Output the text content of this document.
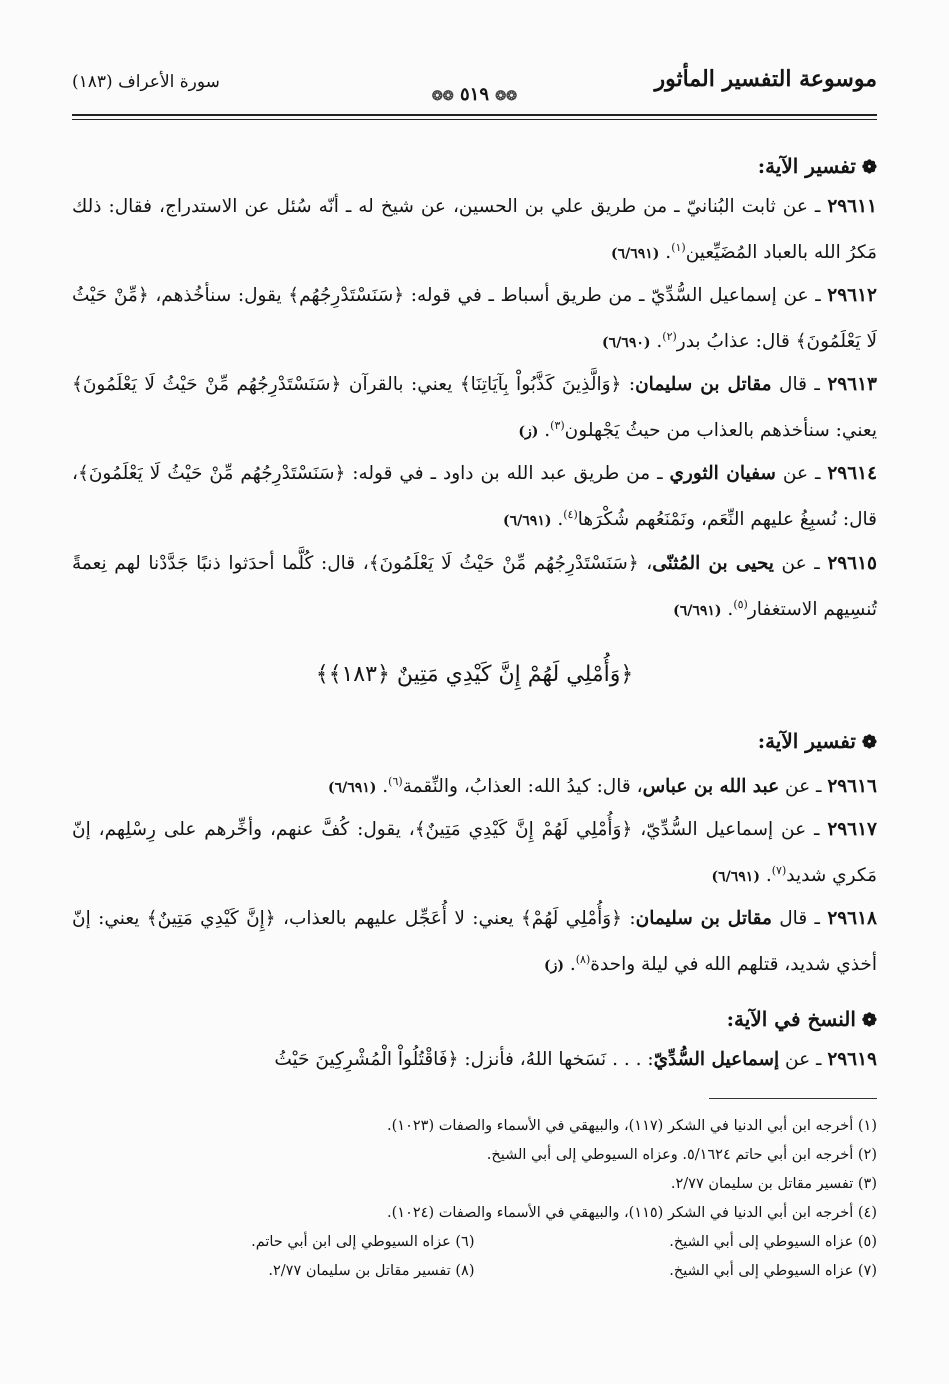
موسوعة التفسير المأثور
❂❂ ٥١٩ ❂❂
سورة الأعراف (١٨٣)
❁تفسير الآية:

٢٩٦١١ ـ عن ثابت البُنانيّ ـ من طريق علي بن الحسين، عن شيخ له ـ أنّه سُئل عن الاستدراج، فقال: ذلك مَكرُ الله بالعباد المُضَيِّعين$^{(١)}$. (٦/٦٩١)

٢٩٦١٢ ـ عن إسماعيل السُّدِّيّ ـ من طريق أسباط ـ في قوله: ﴿سَنَسْتَدْرِجُهُم﴾ يقول: سنأخُذهم، ﴿مِّنْ حَيْثُ لَا يَعْلَمُونَ﴾ قال: عذابُ بدر$^{(٢)}$. (٦/٦٩٠)

٢٩٦١٣ ـ قال مقاتل بن سليمان: ﴿وَالَّذِينَ كَذَّبُواْ بِآيَاتِنَا﴾ يعني: بالقرآن ﴿سَنَسْتَدْرِجُهُم مِّنْ حَيْثُ لَا يَعْلَمُونَ﴾ يعني: سنأخذهم بالعذاب من حيثُ يَجْهلون$^{(٣)}$. (ز)

٢٩٦١٤ ـ عن سفيان الثوري ـ من طريق عبد الله بن داود ـ في قوله: ﴿سَنَسْتَدْرِجُهُم مِّنْ حَيْثُ لَا يَعْلَمُونَ﴾، قال: نُسبِغُ عليهم النِّعَم، ونَمْنَعُهم شُكْرَها$^{(٤)}$. (٦/٦٩١)

٢٩٦١٥ ـ عن يحيى بن المُثنّى، ﴿سَنَسْتَدْرِجُهُم مِّنْ حَيْثُ لَا يَعْلَمُونَ﴾، قال: كُلَّما أحدَثوا ذنبًا جَدَّدْنا لهم نِعمةً تُنسِيهم الاستغفار$^{(٥)}$. (٦/٦٩١)

﴿وَأُمْلِي لَهُمْ إِنَّ كَيْدِي مَتِينٌ ﴿١٨٣﴾﴾
❁تفسير الآية:

٢٩٦١٦ ـ عن عبد الله بن عباس، قال: كيدُ الله: العذابُ، والنِّقمة$^{(٦)}$. (٦/٦٩١)

٢٩٦١٧ ـ عن إسماعيل السُّدِّيّ، ﴿وَأُمْلِي لَهُمْ إِنَّ كَيْدِي مَتِينٌ﴾، يقول: كُفَّ عنهم، وأخِّرهم على رِسْلِهم، إنّ مَكري شديد$^{(٧)}$. (٦/٦٩١)

٢٩٦١٨ ـ قال مقاتل بن سليمان: ﴿وَأُمْلِي لَهُمْ﴾ يعني: لا أُعَجِّل عليهم بالعذاب، ﴿إِنَّ كَيْدِي مَتِينٌ﴾ يعني: إنّ أخذي شديد، قتلهم الله في ليلة واحدة$^{(٨)}$. (ز)

❁النسخ في الآية:

٢٩٦١٩ ـ عن إسماعيل السُّدِّيّ: . . . نَسَخها اللهُ، فأنزل: ﴿فَاقْتُلُواْ الْمُشْرِكِينَ حَيْثُ

(١) أخرجه ابن أبي الدنيا في الشكر (١١٧)، والبيهقي في الأسماء والصفات (١٠٢٣).
(٢) أخرجه ابن أبي حاتم ٥/١٦٢٤. وعزاه السيوطي إلى أبي الشيخ.
(٣) تفسير مقاتل بن سليمان ٢/٧٧.
(٤) أخرجه ابن أبي الدنيا في الشكر (١١٥)، والبيهقي في الأسماء والصفات (١٠٢٤).
(٥) عزاه السيوطي إلى أبي الشيخ.
(٦) عزاه السيوطي إلى ابن أبي حاتم.
(٧) عزاه السيوطي إلى أبي الشيخ.
(٨) تفسير مقاتل بن سليمان ٢/٧٧.
